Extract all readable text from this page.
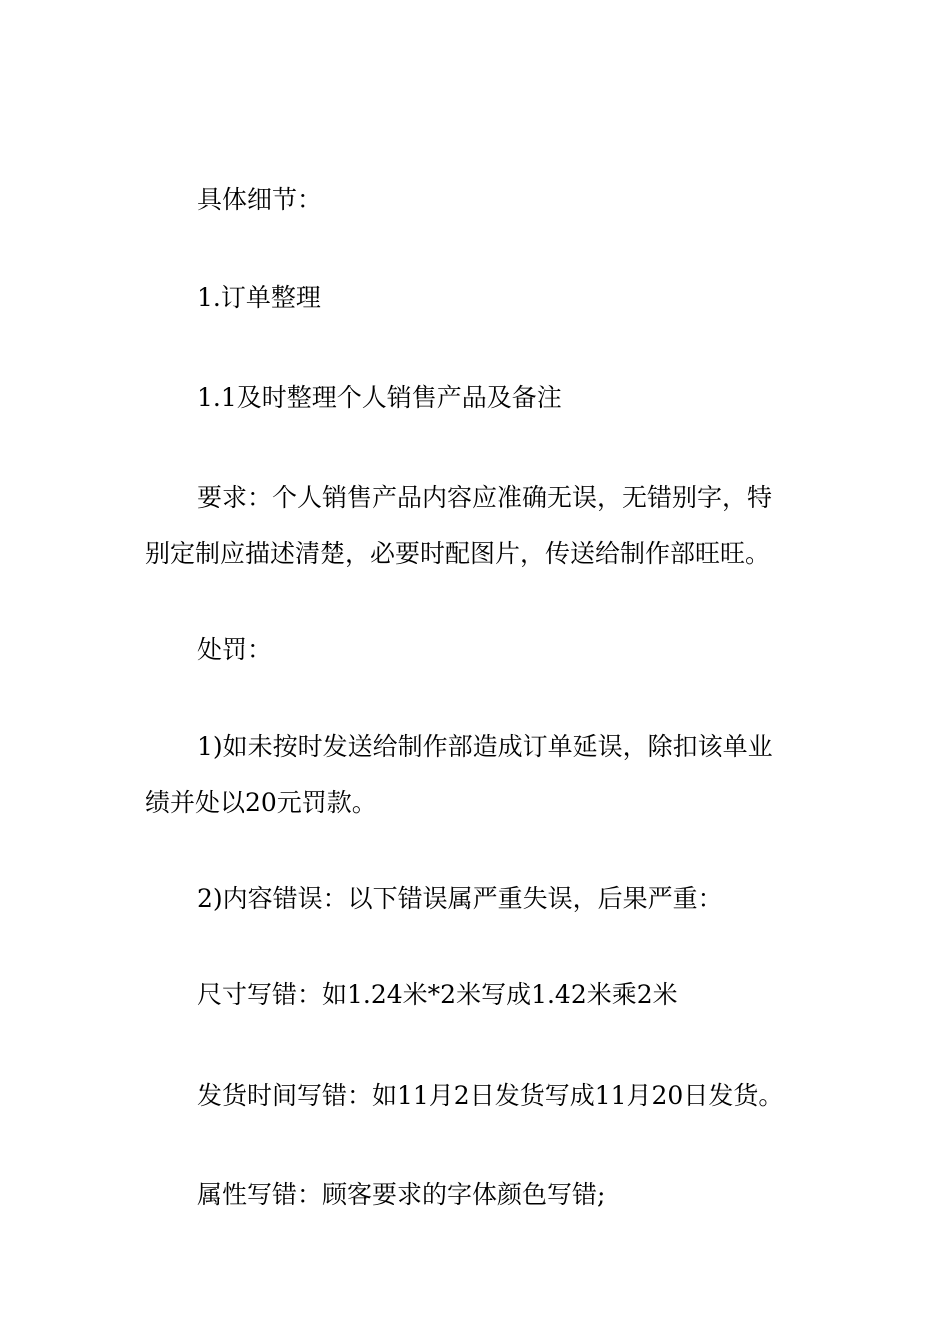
具体细节：

1.订单整理

1.1及时整理个人销售产品及备注

要求：个人销售产品内容应准确无误，无错别字，特
别定制应描述清楚，必要时配图片，传送给制作部旺旺。

处罚：

1)如未按时发送给制作部造成订单延误，除扣该单业
绩并处以20元罚款。

2)内容错误：以下错误属严重失误，后果严重：

尺寸写错：如1.24米*2米写成1.42米乘2米

发货时间写错：如11月2日发货写成11月20日发货。

属性写错：顾客要求的字体颜色写错;
